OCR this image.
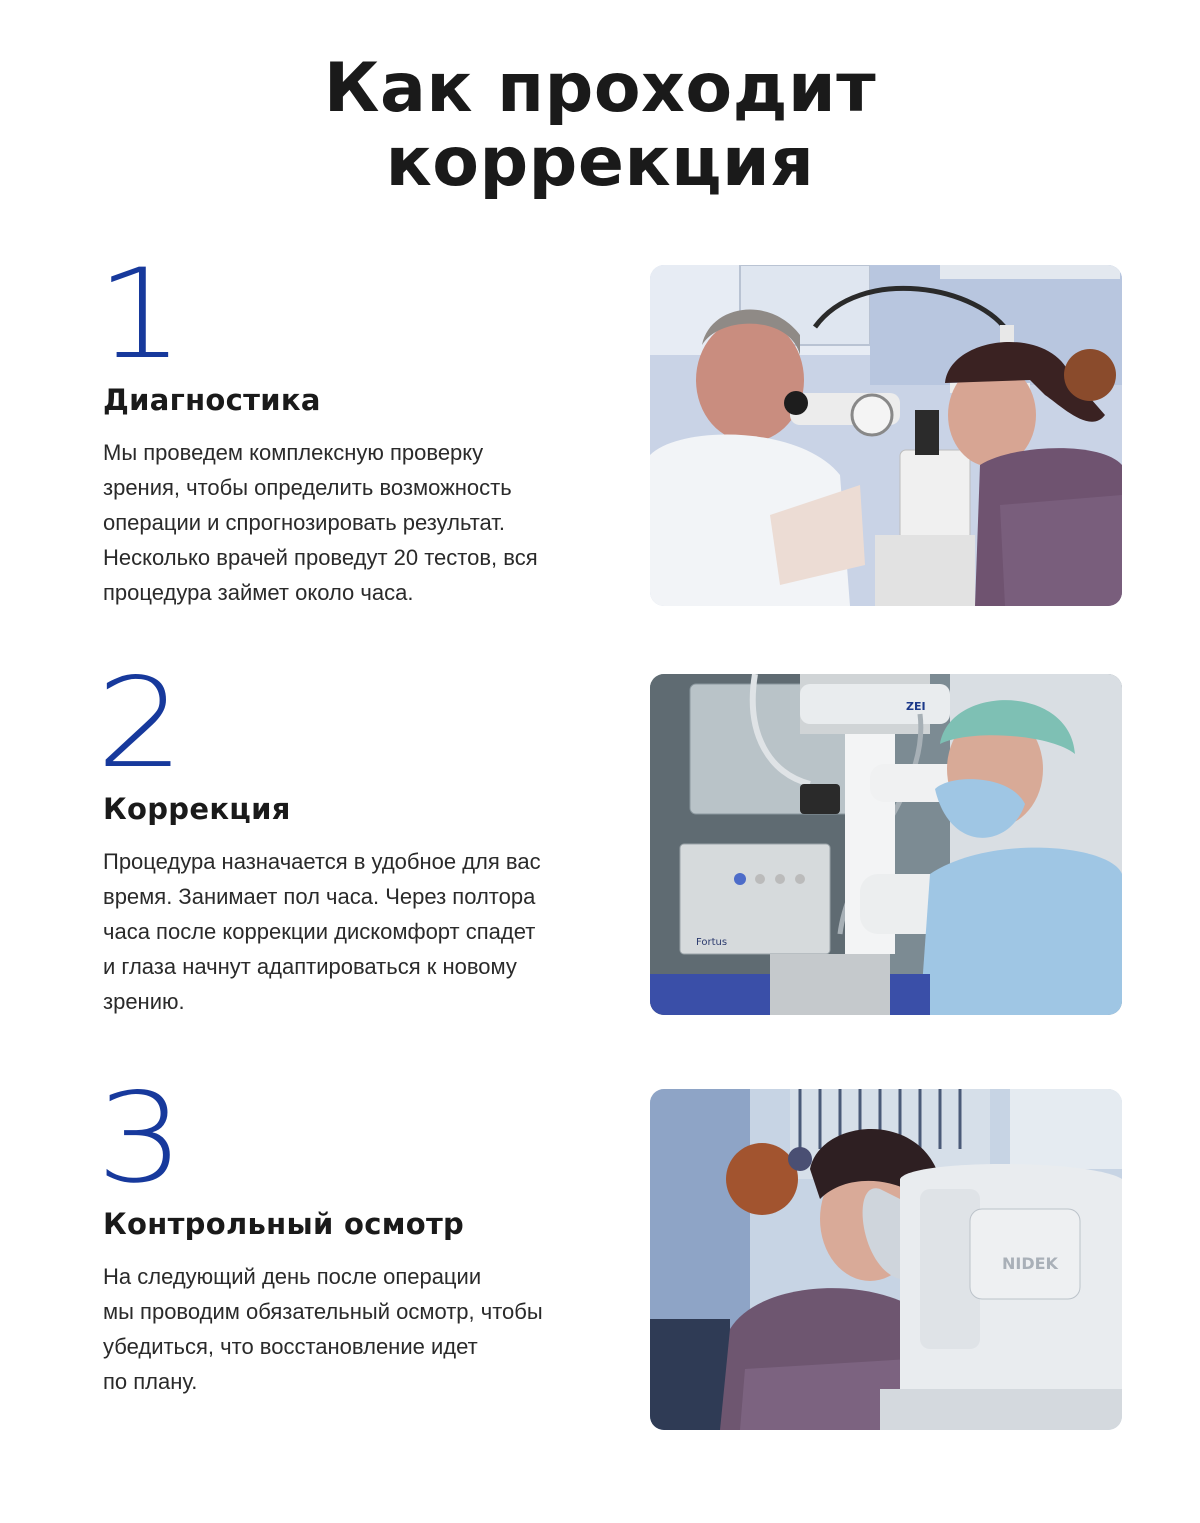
Как проходит
коррекция
1
Диагностика

Мы проведем комплексную проверку
зрения, чтобы определить возможность
операции и спрогнозировать результат.
Несколько врачей проведут 20 тестов, вся
процедура займет около часа.

2
Коррекция

Процедура назначается в удобное для вас
время. Занимает пол часа. Через полтора
часа после коррекции дискомфорт спадет
и глаза начнут адаптироваться к новому
зрению.

Fortus
ZEI
3
Контрольный осмотр

На следующий день после операции
мы проводим обязательный осмотр, чтобы
убедиться, что восстановление идет
по плану.

NIDEK
